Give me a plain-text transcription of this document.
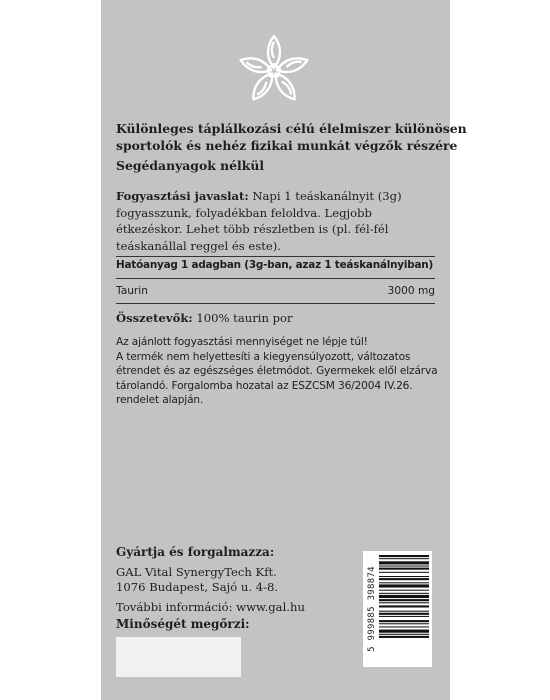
Különleges táplálkozási célú élelmiszer különösen
sportolók és nehéz fizikai munkát végzők részére

Segédanyagok nélkül

Fogyasztási javaslat: Napi 1 teáskanálnyit (3g) fogyasszunk, folyadékban feloldva. Legjobb étkezéskor. Lehet több részletben is (pl. fél-fél teáskanállal reggel és este).

Hatóanyag 1 adagban (3g-ban, azaz 1 teáskanálnyiban)

Taurin	3000 mg

Összetevők: 100% taurin por

Az ajánlott fogyasztási mennyiséget ne lépje túl!
A termék nem helyettesíti a kiegyensúlyozott, változatos étrendet és az egészséges életmódot. Gyermekek elől elzárva tárolandó. Forgalomba hozatal az ESZCSM 36/2004 IV.26. rendelet alapján.

Gyártja és forgalmazza:

GAL Vital SynergyTech Kft.

1076 Budapest, Sajó u. 4-8.

További információ: www.gal.hu

Minőségét megőrzi:	5 999885 398874
